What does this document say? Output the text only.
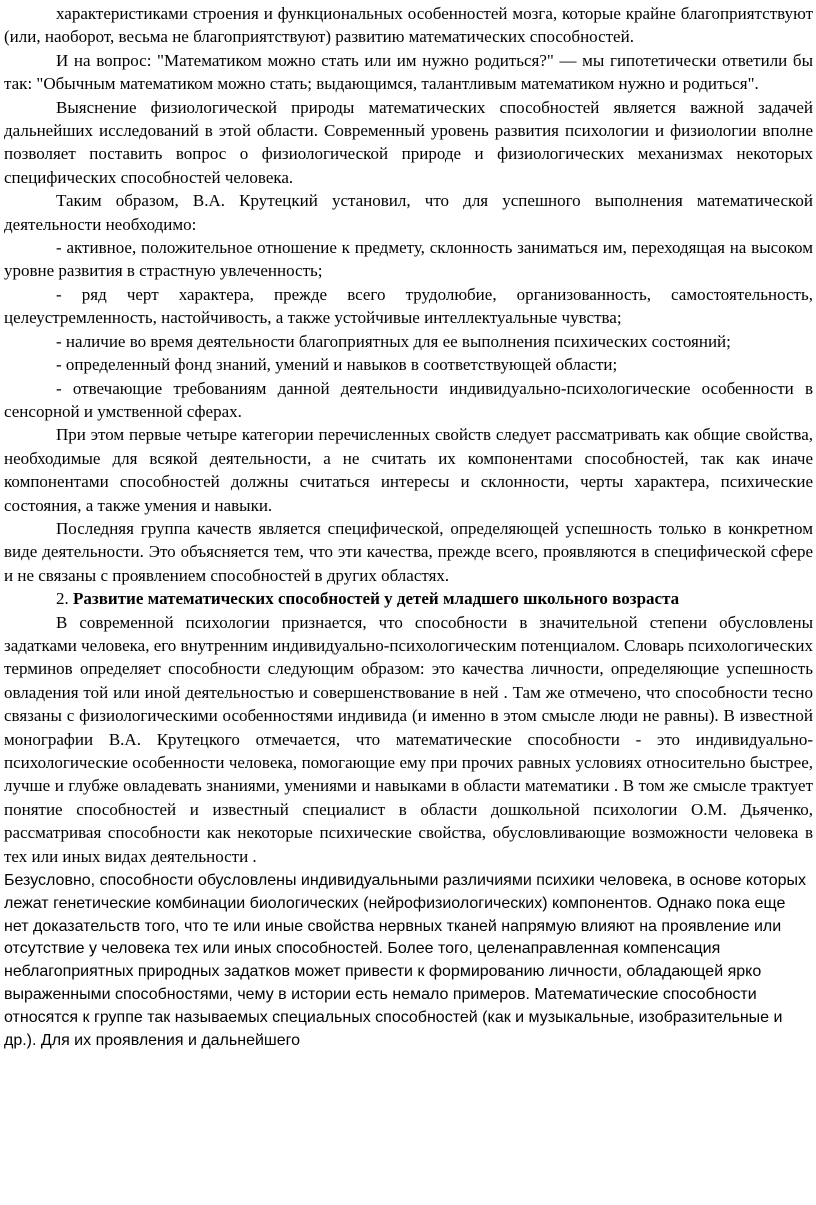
характеристиками строения и функциональных особенностей мозга, которые крайне благоприятствуют (или, наоборот, весьма не благоприятствуют) развитию математических способностей.

И на вопрос: "Математиком можно стать или им нужно родиться?" — мы гипотетически ответили бы так: "Обычным математиком можно стать; выдающимся, талантливым математиком нужно и родиться".

Выяснение физиологической природы математических способностей является важной задачей дальнейших исследований в этой области. Современный уровень развития психологии и физиологии вполне позволяет поставить вопрос о физиологической природе и физиологических механизмах некоторых специфических способностей человека.

Таким образом, В.А. Крутецкий установил, что для успешного выполнения математической деятельности необходимо:

- активное, положительное отношение к предмету, склонность заниматься им, переходящая на высоком уровне развития в страстную увлеченность;

- ряд черт характера, прежде всего трудолюбие, организованность, самостоятельность, целеустремленность, настойчивость, а также устойчивые интеллектуальные чувства;

- наличие во время деятельности благоприятных для ее выполнения психических состояний;

- определенный фонд знаний, умений и навыков в соответствующей области;

- отвечающие требованиям данной деятельности индивидуально-психологические особенности в сенсорной и умственной сферах.

При этом первые четыре категории перечисленных свойств следует рассматривать как общие свойства, необходимые для всякой деятельности, а не считать их компонентами способностей, так как иначе компонентами способностей должны считаться интересы и склонности, черты характера, психические состояния, а также умения и навыки.

Последняя группа качеств является специфической, определяющей успешность только в конкретном виде деятельности. Это объясняется тем, что эти качества, прежде всего, проявляются в специфической сфере и не связаны с проявлением способностей в других областях.

2. Развитие математических способностей у детей младшего школьного возраста

В современной психологии признается, что способности в значительной степени обусловлены задатками человека, его внутренним индивидуально-психологическим потенциалом. Словарь психологических терминов определяет способности следующим образом: это качества личности, определяющие успешность овладения той или иной деятельностью и совершенствование в ней . Там же отмечено, что способности тесно связаны с физиологическими особенностями индивида (и именно в этом смысле люди не равны). В известной монографии В.А. Крутецкого отмечается, что математические способности - это индивидуально-психологические особенности человека, помогающие ему при прочих равных условиях относительно быстрее, лучше и глубже овладевать знаниями, умениями и навыками в области математики . В том же смысле трактует понятие способностей и известный специалист в области дошкольной психологии О.М. Дьяченко, рассматривая способности как некоторые психические свойства, обусловливающие возможности человека в тех или иных видах деятельности .

Безусловно, способности обусловлены индивидуальными различиями психики человека, в основе которых лежат генетические комбинации биологических (нейрофизиологических) компонентов. Однако пока еще нет доказательств того, что те или иные свойства нервных тканей напрямую влияют на проявление или отсутствие у человека тех или иных способностей. Более того, целенаправленная компенсация неблагоприятных природных задатков может привести к формированию личности, обладающей ярко выраженными способностями, чему в истории есть немало примеров. Математические способности относятся к группе так называемых специальных способностей (как и музыкальные, изобразительные и др.). Для их проявления и дальнейшего
